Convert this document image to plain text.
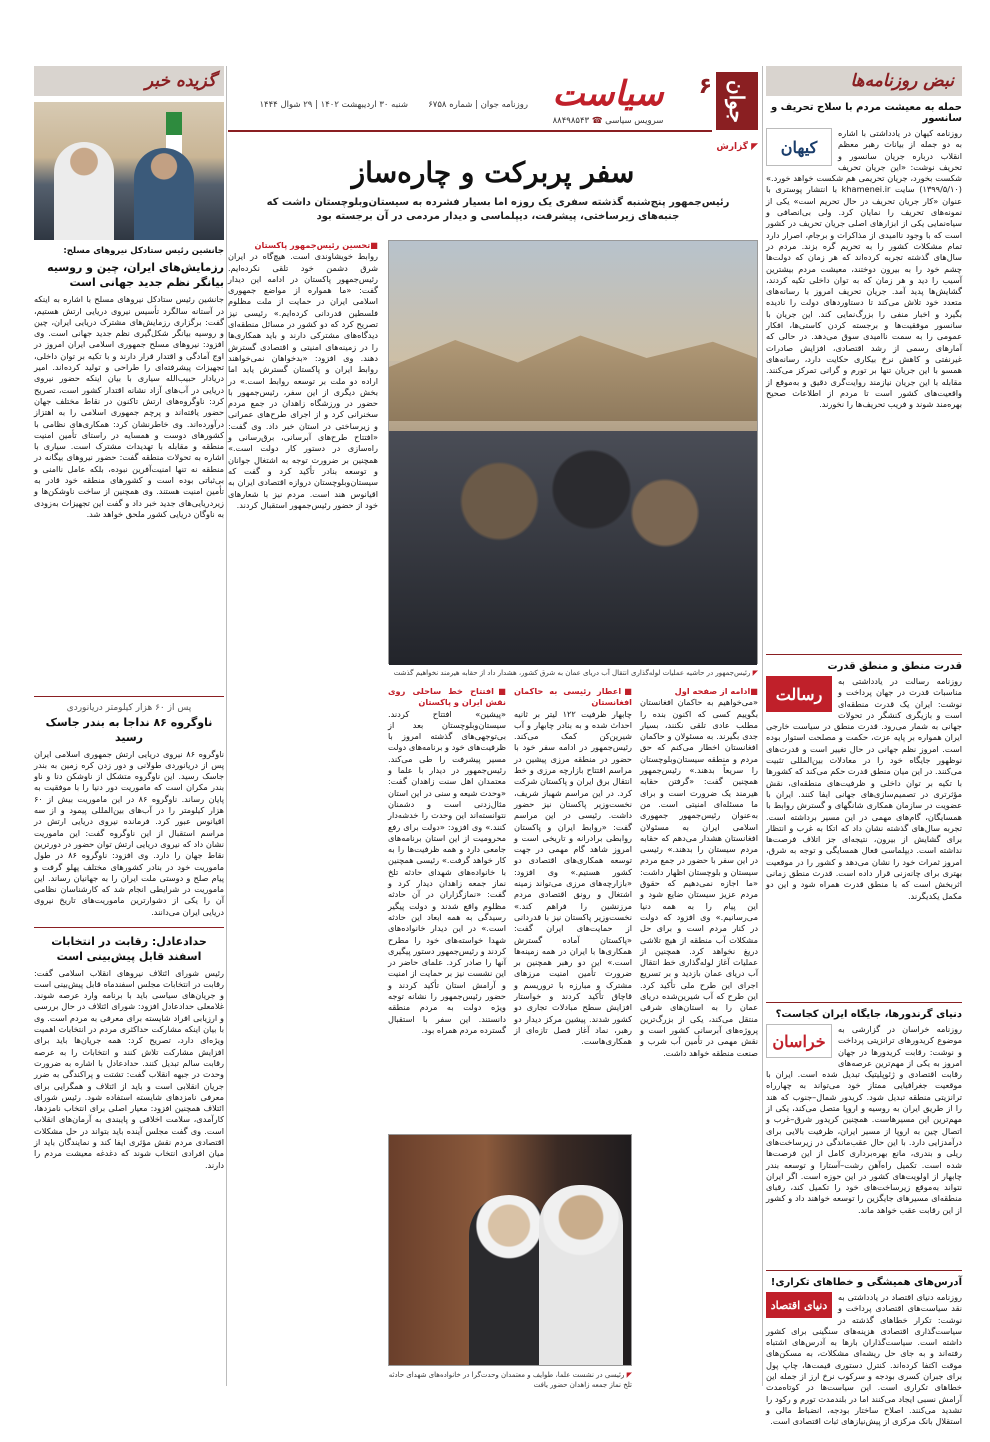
جوان
۶
سیاست
روزنامه جوان | شماره ۶۷۵۸
شنبه ۳۰ اردیبهشت ۱۴۰۲ | ۲۹ شوال ۱۴۴۴
سرویس سیاسی ☎ ۸۸۴۹۸۵۴۳
نبض روزنامه‌ها
حمله به معیشت مردم با سلاح تحریف و سانسور
کیهان
روزنامه کیهان در یادداشتی با اشاره به دو جمله از بیانات رهبر معظم انقلاب درباره جریان سانسور و تحریف نوشت: «این جریان تحریف شکست بخورد، جریان تحریمی هم شکست خواهد خورد.» (۱۳۹۹/۵/۱۰) سایت khamenei.ir با انتشار پوستری با عنوان «کار جریان تحریف در حال تحریم است» یکی از نمونه‌های تحریف را نمایان کرد. ولی بی‌انصافی و سیاه‌نمایی یکی از ابزارهای اصلی جریان تحریف در کشور است که با وجود ناامیدی از مذاکرات و برجام، اصرار دارد تمام مشکلات کشور را به تحریم گره بزند. مردم در سال‌های گذشته تجربه کرده‌اند که هر زمان که دولت‌ها چشم خود را به بیرون دوختند، معیشت مردم بیشترین آسیب را دید و هر زمان که به توان داخلی تکیه کردند، گشایش‌ها پدید آمد. جریان تحریف امروز با رسانه‌های متعدد خود تلاش می‌کند تا دستاوردهای دولت را نادیده بگیرد و اخبار منفی را بزرگ‌نمایی کند. این جریان با سانسور موفقیت‌ها و برجسته کردن کاستی‌ها، افکار عمومی را به سمت ناامیدی سوق می‌دهد. در حالی که آمارهای رسمی از رشد اقتصادی، افزایش صادرات غیرنفتی و کاهش نرخ بیکاری حکایت دارد، رسانه‌های همسو با این جریان تنها بر تورم و گرانی تمرکز می‌کنند. مقابله با این جریان نیازمند روایت‌گری دقیق و به‌موقع از واقعیت‌های کشور است تا مردم از اطلاعات صحیح بهره‌مند شوند و فریب تحریف‌ها را نخورند.
قدرت منطق و منطق قدرت
رسالت
روزنامه رسالت در یادداشتی به مناسبات قدرت در جهان پرداخت و نوشت: ایران یک قدرت منطقه‌ای است و بازیگری کنشگر در تحولات جهانی به شمار می‌رود. قدرت منطق در سیاست خارجی ایران همواره بر پایه عزت، حکمت و مصلحت استوار بوده است. امروز نظم جهانی در حال تغییر است و قدرت‌های نوظهور جایگاه خود را در معادلات بین‌المللی تثبیت می‌کنند. در این میان منطق قدرت حکم می‌کند که کشورها با تکیه بر توان داخلی و ظرفیت‌های منطقه‌ای، نقش مؤثرتری در تصمیم‌سازی‌های جهانی ایفا کنند. ایران با عضویت در سازمان همکاری شانگهای و گسترش روابط با همسایگان، گام‌های مهمی در این مسیر برداشته است. تجربه سال‌های گذشته نشان داد که اتکا به غرب و انتظار برای گشایش از بیرون، نتیجه‌ای جز اتلاف فرصت‌ها نداشته است. دیپلماسی فعال همسایگی و توجه به شرق، امروز ثمرات خود را نشان می‌دهد و کشور را در موقعیت بهتری برای چانه‌زنی قرار داده است. قدرت منطق زمانی اثربخش است که با منطق قدرت همراه شود و این دو مکمل یکدیگرند.
دنیای گرندورها، جایگاه ایران کجاست؟
خراسان
روزنامه خراسان در گزارشی به موضوع کریدورهای ترانزیتی پرداخت و نوشت: رقابت کریدورها در جهان امروز به یکی از مهم‌ترین عرصه‌های رقابت اقتصادی و ژئوپلیتیک تبدیل شده است. ایران با موقعیت جغرافیایی ممتاز خود می‌تواند به چهارراه ترانزیتی منطقه تبدیل شود. کریدور شمال–جنوب که هند را از طریق ایران به روسیه و اروپا متصل می‌کند، یکی از مهم‌ترین این مسیرهاست. همچنین کریدور شرق–غرب و اتصال چین به اروپا از مسیر ایران، ظرفیت بالایی برای درآمدزایی دارد. با این حال عقب‌ماندگی در زیرساخت‌های ریلی و بندری، مانع بهره‌برداری کامل از این فرصت‌ها شده است. تکمیل راه‌آهن رشت–آستارا و توسعه بندر چابهار از اولویت‌های کشور در این حوزه است. اگر ایران نتواند به‌موقع زیرساخت‌های خود را تکمیل کند، رقبای منطقه‌ای مسیرهای جایگزین را توسعه خواهند داد و کشور از این رقابت عقب خواهد ماند.
آدرس‌های همیشگی و خطاهای تکراری!
دنیای اقتصاد
روزنامه دنیای اقتصاد در یادداشتی به نقد سیاست‌های اقتصادی پرداخت و نوشت: تکرار خطاهای گذشته در سیاست‌گذاری اقتصادی هزینه‌های سنگینی برای کشور داشته است. سیاست‌گذاران بارها به آدرس‌های اشتباه رفته‌اند و به جای حل ریشه‌ای مشکلات، به مسکن‌های موقت اکتفا کرده‌اند. کنترل دستوری قیمت‌ها، چاپ پول برای جبران کسری بودجه و سرکوب نرخ ارز از جمله این خطاهای تکراری است. این سیاست‌ها در کوتاه‌مدت آرامش نسبی ایجاد می‌کنند اما در بلندمدت تورم و رکود را تشدید می‌کنند. اصلاح ساختار بودجه، انضباط مالی و استقلال بانک مرکزی از پیش‌نیازهای ثبات اقتصادی است.
◤ گزارش
سفر پربرکت و چاره‌ساز
رئیس‌جمهور پنج‌شنبه گذشته سفری یک روزه اما بسیار فشرده به سیستان‌وبلوچستان داشت که جنبه‌های زیرساختی، پیشرفت، دیپلماسی و دیدار مردمی در آن برجسته بود
◤ رئیس‌جمهور در حاشیه عملیات لوله‌گذاری انتقال آب دریای عمان به شرق کشور، هشدار داد از حقابه هیرمند نخواهیم گذشت
■تحسین رئیس‌جمهور پاکستان
روابط خویشاوندی است. هیچ‌گاه در ایران شرق دشمن خود تلقی نکرده‌ایم. رئیس‌جمهور پاکستان در ادامه این دیدار گفت: «ما همواره از مواضع جمهوری اسلامی ایران در حمایت از ملت مظلوم فلسطین قدردانی کرده‌ایم.» رئیسی نیز تصریح کرد که دو کشور در مسائل منطقه‌ای دیدگاه‌های مشترکی دارند و باید همکاری‌ها را در زمینه‌های امنیتی و اقتصادی گسترش دهند. وی افزود: «بدخواهان نمی‌خواهند روابط ایران و پاکستان گسترش یابد اما اراده دو ملت بر توسعه روابط است.» در بخش دیگری از این سفر، رئیس‌جمهور با حضور در ورزشگاه زاهدان در جمع مردم سخنرانی کرد و از اجرای طرح‌های عمرانی و زیرساختی در استان خبر داد. وی گفت: «افتتاح طرح‌های آبرسانی، برق‌رسانی و راه‌سازی در دستور کار دولت است.» همچنین بر ضرورت توجه به اشتغال جوانان و توسعه بنادر تأکید کرد و گفت که سیستان‌وبلوچستان دروازه اقتصادی ایران به اقیانوس هند است. مردم نیز با شعارهای خود از حضور رئیس‌جمهور استقبال کردند.
■ادامه از صفحه اول
«می‌خواهیم به حاکمان افغانستان بگوییم کسی که اکنون بنده را مطلب عادی تلقی نکنند، بسیار جدی بگیرند. به مسئولان و حاکمان افغانستان اخطار می‌کنم که حق مردم و منطقه سیستان‌وبلوچستان را سریعاً بدهند.» رئیس‌جمهور همچنین گفت: «گرفتن حقابه هیرمند یک ضرورت است و برای ما مسئله‌ای امنیتی است. من به‌عنوان رئیس‌جمهور جمهوری اسلامی ایران به مسئولان افغانستان هشدار می‌دهم که حقابه مردم سیستان را بدهند.» رئیسی در این سفر با حضور در جمع مردم سیستان و بلوچستان اظهار داشت: «ما اجازه نمی‌دهیم که حقوق مردم عزیز سیستان ضایع شود و این پیام را به همه دنیا می‌رسانیم.» وی افزود که دولت در کنار مردم است و برای حل مشکلات آب منطقه از هیچ تلاشی دریغ نخواهد کرد. همچنین از عملیات آغاز لوله‌گذاری خط انتقال آب دریای عمان بازدید و بر تسریع اجرای این طرح ملی تأکید کرد. این طرح که آب شیرین‌شده دریای عمان را به استان‌های شرقی منتقل می‌کند، یکی از بزرگ‌ترین پروژه‌های آبرسانی کشور است و نقش مهمی در تأمین آب شرب و صنعت منطقه خواهد داشت.
■اعطار رئیسی به حاکمان افغانستان
چابهار ظرفیت ۱۲۲ لیتر بر ثانیه احداث شده و به بنادر چابهار و آب شیرین‌کن کمک می‌کند. رئیس‌جمهور در ادامه سفر خود با حضور در منطقه مرزی پیشین در مراسم افتتاح بازارچه مرزی و خط انتقال برق ایران و پاکستان شرکت کرد. در این مراسم شهباز شریف، نخست‌وزیر پاکستان نیز حضور داشت. رئیسی در این مراسم گفت: «روابط ایران و پاکستان روابطی برادرانه و تاریخی است و امروز شاهد گام مهمی در جهت توسعه همکاری‌های اقتصادی دو کشور هستیم.» وی افزود: «بازارچه‌های مرزی می‌تواند زمینه اشتغال و رونق اقتصادی مردم مرزنشین را فراهم کند.» نخست‌وزیر پاکستان نیز با قدردانی از حمایت‌های ایران گفت: «پاکستان آماده گسترش همکاری‌ها با ایران در همه زمینه‌ها است.» این دو رهبر همچنین بر ضرورت تأمین امنیت مرزهای مشترک و مبارزه با تروریسم و قاچاق تأکید کردند و خواستار افزایش سطح مبادلات تجاری دو کشور شدند. پیشین مرکز دیدار دو رهبر، نماد آغاز فصل تازه‌ای از همکاری‌هاست.
■افتتاح خط ساحلی روی نقش ایران و پاکستان
«پیشین» افتتاح کردند. سیستان‌وبلوچستان بعد از بی‌توجهی‌های گذشته امروز با ظرفیت‌های خود و برنامه‌های دولت مسیر پیشرفت را طی می‌کند. رئیس‌جمهور در دیدار با علما و معتمدان اهل سنت زاهدان گفت: «وحدت شیعه و سنی در این استان مثال‌زدنی است و دشمنان نتوانسته‌اند این وحدت را خدشه‌دار کنند.» وی افزود: «دولت برای رفع محرومیت از این استان برنامه‌های جامعی دارد و همه ظرفیت‌ها را به کار خواهد گرفت.» رئیسی همچنین با خانواده‌های شهدای حادثه تلخ نماز جمعه زاهدان دیدار کرد و گفت: «نمازگزاران در آن حادثه مظلوم واقع شدند و دولت پیگیر رسیدگی به همه ابعاد این حادثه است.» در این دیدار خانواده‌های شهدا خواسته‌های خود را مطرح کردند و رئیس‌جمهور دستور پیگیری آنها را صادر کرد. علمای حاضر در این نشست نیز بر حمایت از امنیت و آرامش استان تأکید کردند و حضور رئیس‌جمهور را نشانه توجه ویژه دولت به مردم منطقه دانستند. این سفر با استقبال گسترده مردم همراه بود.
◤ رئیسی در نشست علما، طوایف و معتمدان وحدت‌گرا در خانواده‌های شهدای حادثه تلخ نماز جمعه زاهدان حضور یافت
گزیده خبر
جانشین رئیس ستادکل نیروهای مسلح:
رزمایش‌های ایران، چین و روسیه بیانگر نظم جدید جهانی است
جانشین رئیس ستادکل نیروهای مسلح با اشاره به اینکه در آستانه سالگرد تأسیس نیروی دریایی ارتش هستیم، گفت: برگزاری رزمایش‌های مشترک دریایی ایران، چین و روسیه بیانگر شکل‌گیری نظم جدید جهانی است. وی افزود: نیروهای مسلح جمهوری اسلامی ایران امروز در اوج آمادگی و اقتدار قرار دارند و با تکیه بر توان داخلی، تجهیزات پیشرفته‌ای را طراحی و تولید کرده‌اند. امیر دریادار حبیب‌الله سیاری با بیان اینکه حضور نیروی دریایی در آب‌های آزاد نشانه اقتدار کشور است، تصریح کرد: ناوگروه‌های ارتش تاکنون در نقاط مختلف جهان حضور یافته‌اند و پرچم جمهوری اسلامی را به اهتزاز درآورده‌اند. وی خاطرنشان کرد: همکاری‌های نظامی با کشورهای دوست و همسایه در راستای تأمین امنیت منطقه و مقابله با تهدیدات مشترک است. سیاری با اشاره به تحولات منطقه گفت: حضور نیروهای بیگانه در منطقه نه تنها امنیت‌آفرین نبوده، بلکه عامل ناامنی و بی‌ثباتی بوده است و کشورهای منطقه خود قادر به تأمین امنیت هستند. وی همچنین از ساخت ناوشکن‌ها و زیردریایی‌های جدید خبر داد و گفت این تجهیزات به‌زودی به ناوگان دریایی کشور ملحق خواهد شد.
پس از ۶۰ هزار کیلومتر دریانوردی
ناوگروه ۸۶ نداجا به بندر جاسک رسید
ناوگروه ۸۶ نیروی دریایی ارتش جمهوری اسلامی ایران پس از دریانوردی طولانی و دور زدن کره زمین به بندر جاسک رسید. این ناوگروه متشکل از ناوشکن دنا و ناو بندر مکران است که ماموریت دور دنیا را با موفقیت به پایان رساند. ناوگروه ۸۶ در این ماموریت بیش از ۶۰ هزار کیلومتر را در آب‌های بین‌المللی پیمود و از سه اقیانوس عبور کرد. فرمانده نیروی دریایی ارتش در مراسم استقبال از این ناوگروه گفت: این ماموریت نشان داد که نیروی دریایی ارتش توان حضور در دورترین نقاط جهان را دارد. وی افزود: ناوگروه ۸۶ در طول ماموریت خود در بنادر کشورهای مختلف پهلو گرفت و پیام صلح و دوستی ملت ایران را به جهانیان رساند. این ماموریت در شرایطی انجام شد که کارشناسان نظامی آن را یکی از دشوارترین ماموریت‌های تاریخ نیروی دریایی ایران می‌دانند.
حدادعادل: رقابت در انتخابات اسفند قابل پیش‌بینی است
رئیس شورای ائتلاف نیروهای انقلاب اسلامی گفت: رقابت در انتخابات مجلس اسفندماه قابل پیش‌بینی است و جریان‌های سیاسی باید با برنامه وارد عرصه شوند. غلامعلی حدادعادل افزود: شورای ائتلاف در حال بررسی و ارزیابی افراد شایسته برای معرفی به مردم است. وی با بیان اینکه مشارکت حداکثری مردم در انتخابات اهمیت ویژه‌ای دارد، تصریح کرد: همه جریان‌ها باید برای افزایش مشارکت تلاش کنند و انتخابات را به عرصه رقابت سالم تبدیل کنند. حدادعادل با اشاره به ضرورت وحدت در جبهه انقلاب گفت: تشتت و پراکندگی به ضرر جریان انقلابی است و باید از ائتلاف و همگرایی برای معرفی نامزدهای شایسته استفاده شود. رئیس شورای ائتلاف همچنین افزود: معیار اصلی برای انتخاب نامزدها، کارآمدی، سلامت اخلاقی و پایبندی به آرمان‌های انقلاب است. وی گفت مجلس آینده باید بتواند در حل مشکلات اقتصادی مردم نقش مؤثری ایفا کند و نمایندگان باید از میان افرادی انتخاب شوند که دغدغه معیشت مردم را دارند.
